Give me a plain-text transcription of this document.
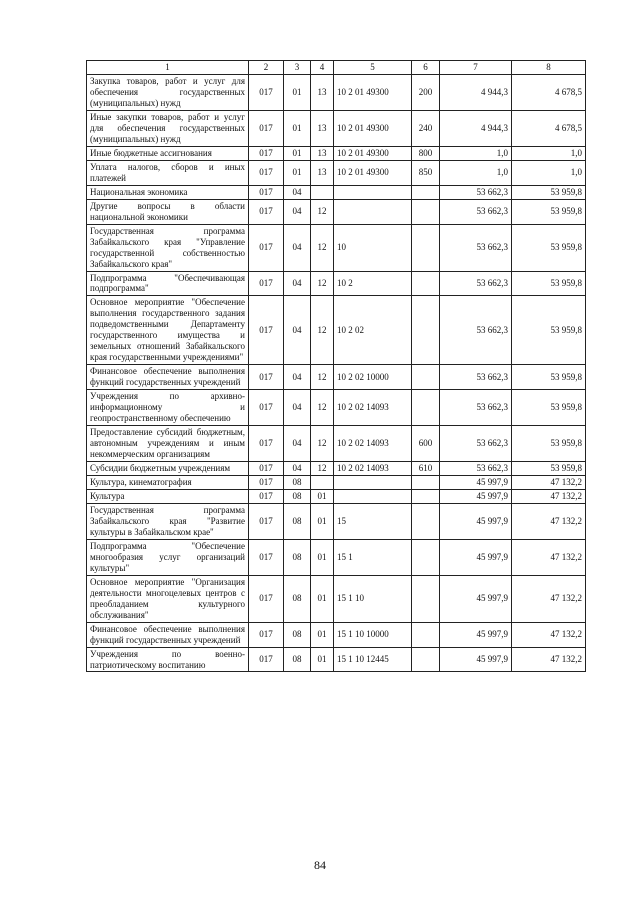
1	2	3	4	5	6	7	8
Закупка товаров, работ и услуг для обеспечения государственных (муниципальных) нужд	017	01	13	10 2 01 49300	200	4 944,3	4 678,5
Иные закупки товаров, работ и услуг для обеспечения государственных (муниципальных) нужд	017	01	13	10 2 01 49300	240	4 944,3	4 678,5
Иные бюджетные ассигнования	017	01	13	10 2 01 49300	800	1,0	1,0
Уплата налогов, сборов и иных платежей	017	01	13	10 2 01 49300	850	1,0	1,0
Национальная экономика	017	04				53 662,3	53 959,8
Другие вопросы в области национальной экономики	017	04	12			53 662,3	53 959,8
Государственная программа Забайкальского края "Управление государственной собственностью Забайкальского края"	017	04	12	10		53 662,3	53 959,8
Подпрограмма "Обеспечивающая подпрограмма"	017	04	12	10 2		53 662,3	53 959,8
Основное мероприятие "Обеспечение выполнения государственного задания подведомственными Департаменту государственного имущества и земельных отношений Забайкальского края государственными учреждениями"	017	04	12	10 2 02		53 662,3	53 959,8
Финансовое обеспечение выполнения функций государственных учреждений	017	04	12	10 2 02 10000		53 662,3	53 959,8
Учреждения по архивно-информационному и геопространственному обеспечению	017	04	12	10 2 02 14093		53 662,3	53 959,8
Предоставление субсидий бюджетным, автономным учреждениям и иным некоммерческим организациям	017	04	12	10 2 02 14093	600	53 662,3	53 959,8
Субсидии бюджетным учреждениям	017	04	12	10 2 02 14093	610	53 662,3	53 959,8
Культура, кинематография	017	08				45 997,9	47 132,2
Культура	017	08	01			45 997,9	47 132,2
Государственная программа Забайкальского края "Развитие культуры в Забайкальском крае"	017	08	01	15		45 997,9	47 132,2
Подпрограмма "Обеспечение многообразия услуг организаций культуры"	017	08	01	15 1		45 997,9	47 132,2
Основное мероприятие "Организация деятельности многоцелевых центров с преобладанием культурного обслуживания"	017	08	01	15 1 10		45 997,9	47 132,2
Финансовое обеспечение выполнения функций государственных учреждений	017	08	01	15 1 10 10000		45 997,9	47 132,2
Учреждения по военно-патриотическому воспитанию	017	08	01	15 1 10 12445		45 997,9	47 132,2
84
